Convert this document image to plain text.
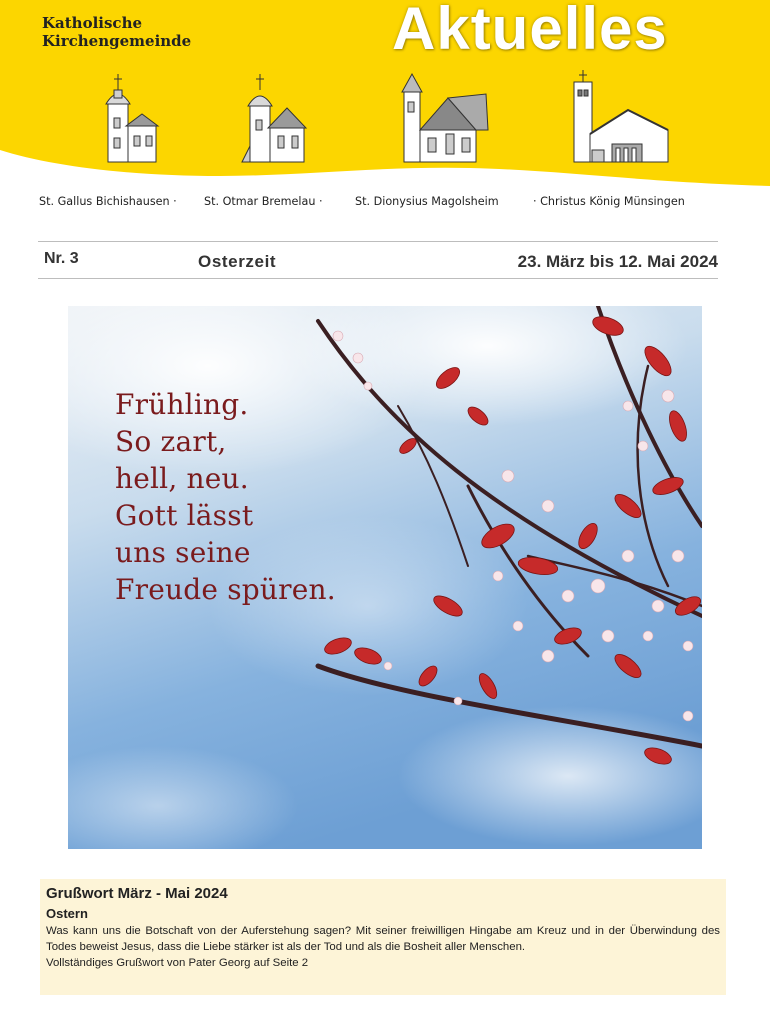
Katholische
Kirchengemeinde	Aktuelles
St. Gallus Bichishausen · St. Otmar Bremelau ·	St. Dionysius Magolsheim	· Christus König Münsingen
Nr. 3	Osterzeit	23. März bis 12. Mai 2024

Frühling.
So zart,
hell, neu.
Gott lässt
uns seine
Freude spüren.

Grußwort März - Mai 2024
Ostern

Was kann uns die Botschaft von der Auferstehung sagen? Mit seiner freiwilligen Hingabe am Kreuz und in der Überwindung des Todes beweist Jesus, dass die Liebe stärker ist als der Tod und als die Bosheit aller Menschen.

Vollständiges Grußwort von Pater Georg auf Seite 2
